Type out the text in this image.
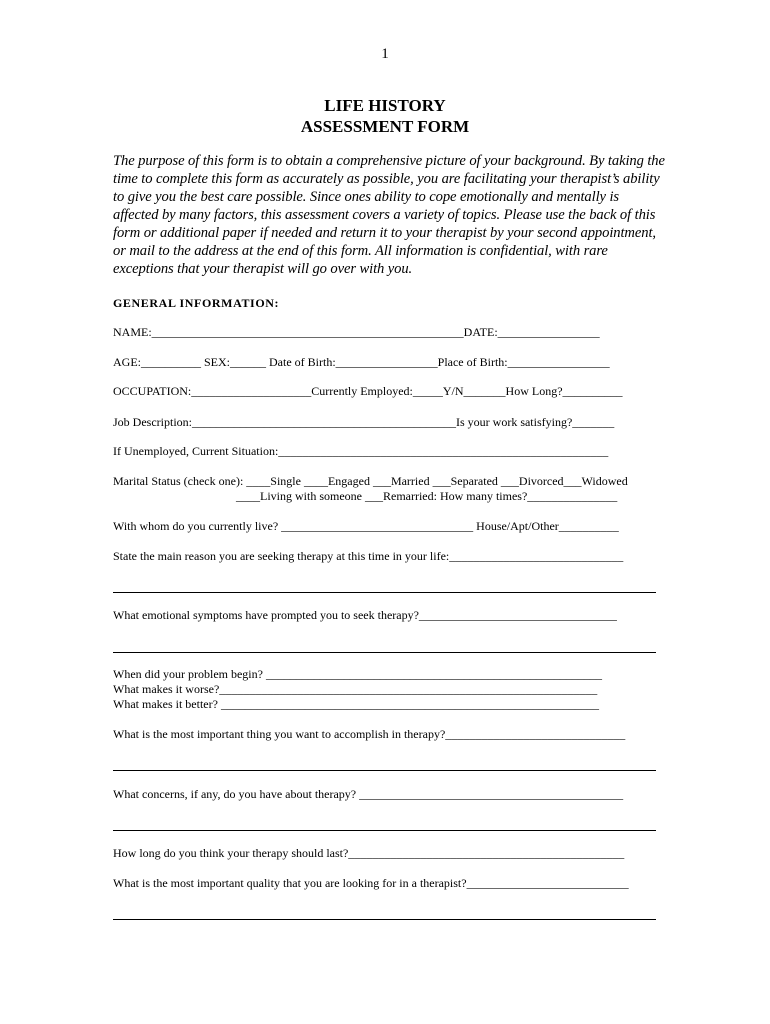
1
LIFE HISTORY
ASSESSMENT FORM
The purpose of this form is to obtain a comprehensive picture of your background. By taking the time to complete this form as accurately as possible, you are facilitating your therapist’s ability to give you the best care possible. Since ones ability to cope emotionally and mentally is affected by many factors, this assessment covers a variety of topics. Please use the back of this form or additional paper if needed and return it to your therapist by your second appointment, or mail to the address at the end of this form. All information is confidential, with rare exceptions that your therapist will go over with you.
GENERAL INFORMATION:
NAME:____________________________________________________DATE:_________________
AGE:__________ SEX:______ Date of Birth:_________________Place of Birth:_________________
OCCUPATION:____________________Currently Employed:_____Y/N_______How Long?__________
Job Description:____________________________________________Is your work satisfying?_______
If Unemployed, Current Situation:_______________________________________________________
Marital Status (check one): ____Single ____Engaged ___Married ___Separated ___Divorced___Widowed
____Living with someone ___Remarried: How many times?_______________
With whom do you currently live? ________________________________ House/Apt/Other__________
State the main reason you are seeking therapy at this time in your life:_____________________________
What emotional symptoms have prompted you to seek therapy?_________________________________
When did your problem begin? ________________________________________________________
What makes it worse?_______________________________________________________________
What makes it better? _______________________________________________________________
What is the most important thing you want to accomplish in therapy?______________________________
What concerns, if any, do you have about therapy? ____________________________________________
How long do you think your therapy should last?______________________________________________
What is the most important quality that you are looking for in a therapist?___________________________
